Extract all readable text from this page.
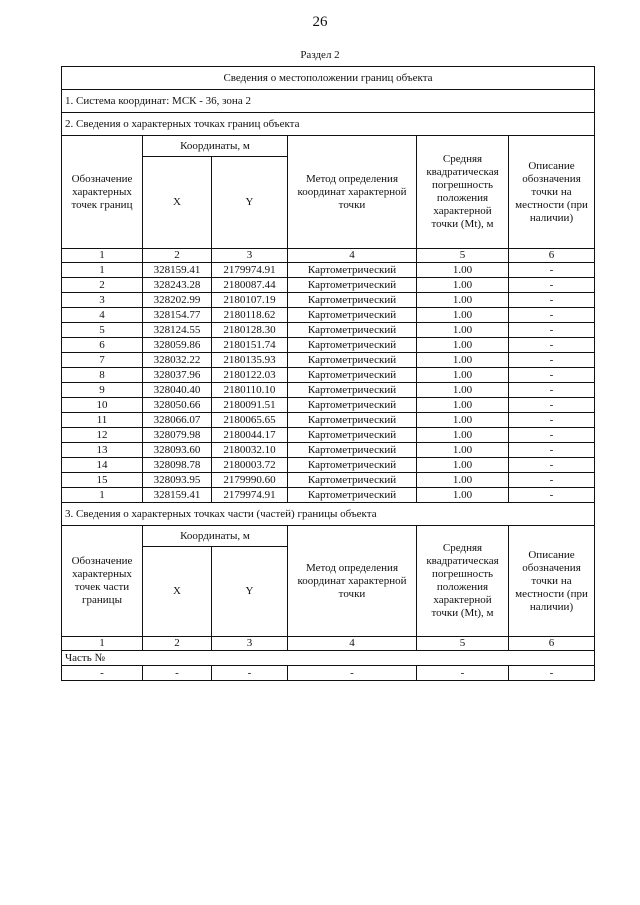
26
Раздел 2
Сведения о местоположении границ объекта					
1. Система координат: МСК - 36, зона 2					
2. Сведения о характерных точках границ объекта					
Обозначение характерных точек границ	Координаты, м		Метод определения координат характерной точки	Средняя квадратическая погрешность положения характерной точки (Mt), м	Описание обозначения точки на местности (при наличии)
	X	Y			
1	2	3	4	5	6
1	328159.41	2179974.91	Картометрический	1.00	-
2	328243.28	2180087.44	Картометрический	1.00	-
3	328202.99	2180107.19	Картометрический	1.00	-
4	328154.77	2180118.62	Картометрический	1.00	-
5	328124.55	2180128.30	Картометрический	1.00	-
6	328059.86	2180151.74	Картометрический	1.00	-
7	328032.22	2180135.93	Картометрический	1.00	-
8	328037.96	2180122.03	Картометрический	1.00	-
9	328040.40	2180110.10	Картометрический	1.00	-
10	328050.66	2180091.51	Картометрический	1.00	-
11	328066.07	2180065.65	Картометрический	1.00	-
12	328079.98	2180044.17	Картометрический	1.00	-
13	328093.60	2180032.10	Картометрический	1.00	-
14	328098.78	2180003.72	Картометрический	1.00	-
15	328093.95	2179990.60	Картометрический	1.00	-
1	328159.41	2179974.91	Картометрический	1.00	-
3. Сведения о характерных точках части (частей) границы объекта					
Обозначение характерных точек части границы	Координаты, м		Метод определения координат характерной точки	Средняя квадратическая погрешность положения характерной точки (Mt), м	Описание обозначения точки на местности (при наличии)
	X	Y			
1	2	3	4	5	6
Часть №					
-	-	-	-	-	-
